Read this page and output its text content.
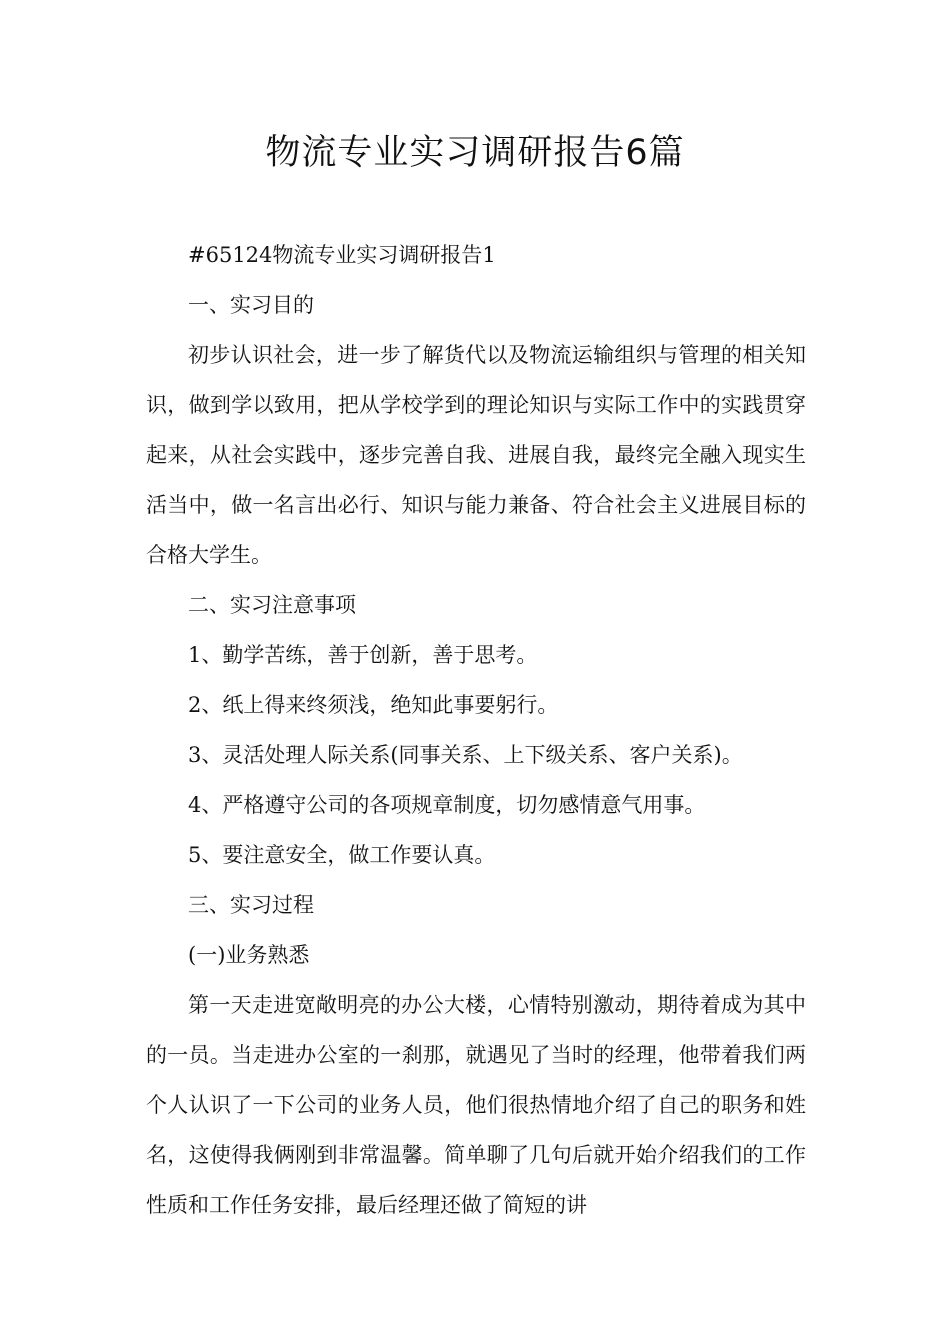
物流专业实习调研报告6篇

#65124物流专业实习调研报告1

一、实习目的

初步认识社会，进一步了解货代以及物流运输组织与管理的相关知识，做到学以致用，把从学校学到的理论知识与实际工作中的实践贯穿起来，从社会实践中，逐步完善自我、进展自我，最终完全融入现实生活当中，做一名言出必行、知识与能力兼备、符合社会主义进展目标的合格大学生。

二、实习注意事项

1、勤学苦练，善于创新，善于思考。

2、纸上得来终须浅，绝知此事要躬行。

3、灵活处理人际关系(同事关系、上下级关系、客户关系)。

4、严格遵守公司的各项规章制度，切勿感情意气用事。

5、要注意安全，做工作要认真。

三、实习过程

(一)业务熟悉

第一天走进宽敞明亮的办公大楼，心情特别激动，期待着成为其中的一员。当走进办公室的一刹那，就遇见了当时的经理，他带着我们两个人认识了一下公司的业务人员，他们很热情地介绍了自己的职务和姓名，这使得我俩刚到非常温馨。简单聊了几句后就开始介绍我们的工作性质和工作任务安排，最后经理还做了简短的讲
